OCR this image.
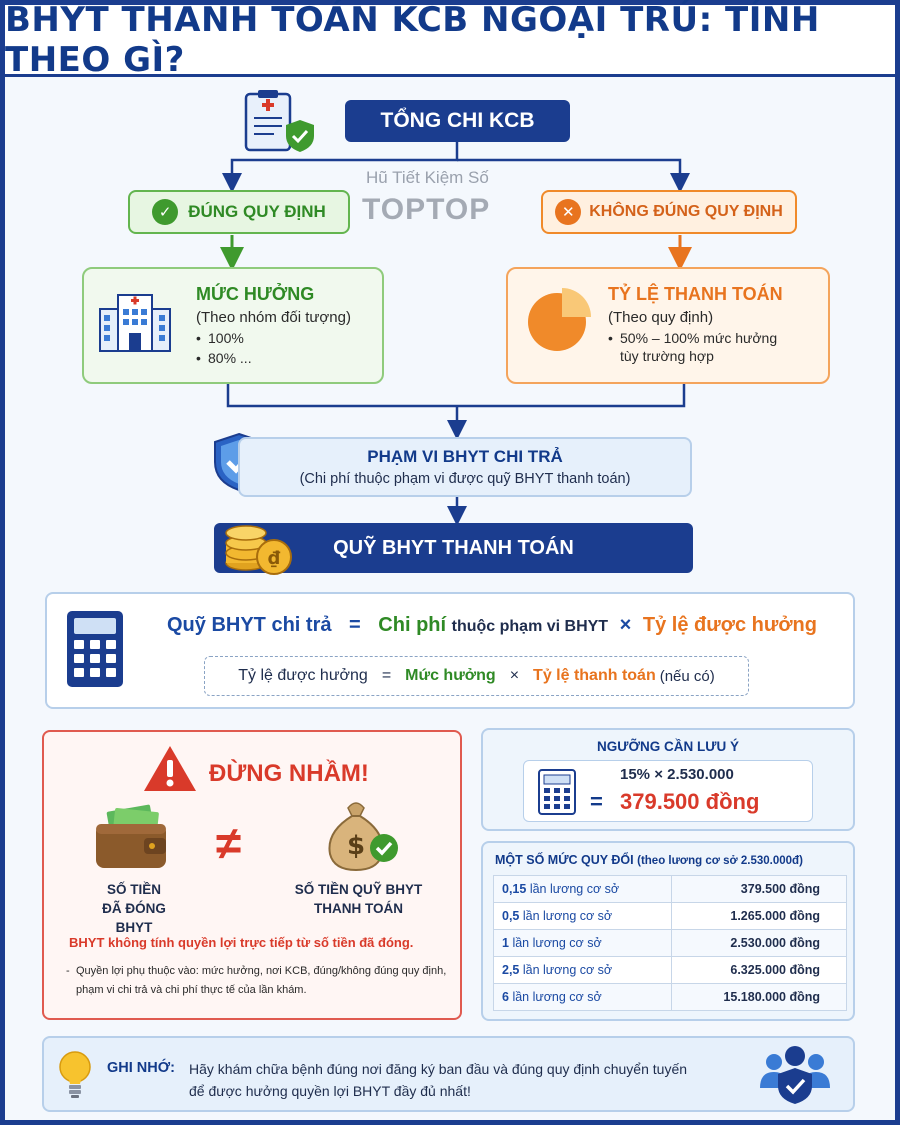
BHYT THANH TOÁN KCB NGOẠI TRÚ: TÍNH THEO GÌ?
TỔNG CHI KCB
Hũ Tiết Kiệm Số
TOPTOP
✓ ĐÚNG QUY ĐỊNH	✕ KHÔNG ĐÚNG QUY ĐỊNH
MỨC HƯỞNG
(Theo nhóm đối tượng)
• 100%
• 80% ...
TỶ LỆ THANH TOÁN
(Theo quy định)
• 50% – 100% mức hưởng
tùy trường hợp
PHẠM VI BHYT CHI TRẢ
(Chi phí thuộc phạm vi được quỹ BHYT thanh toán)
QUỸ BHYT THANH TOÁN
₫
Quỹ BHYT chi trả = Chi phí thuộc phạm vi BHYT × Tỷ lệ được hưởng
Tỷ lệ được hưởng = Mức hưởng × Tỷ lệ thanh toán (nếu có)
ĐỪNG NHẦM!
≠	$
SỐ TIỀN
ĐÃ ĐÓNG BHYT
SỐ TIỀN QUỸ BHYT
THANH TOÁN
BHYT không tính quyền lợi trực tiếp từ số tiền đã đóng.
- Quyền lợi phụ thuộc vào: mức hưởng, nơi KCB, đúng/không đúng quy định, phạm vi chi trả và chi phí thực tế của lần khám.
NGƯỠNG CẦN LƯU Ý
15% × 2.530.000
= 379.500 đồng
MỘT SỐ MỨC QUY ĐỔI (theo lương cơ sở 2.530.000đ)
0,15 lần lương cơ sở	379.500 đồng
0,5 lần lương cơ sở	1.265.000 đồng
1 lần lương cơ sở	2.530.000 đồng
2,5 lần lương cơ sở	6.325.000 đồng
6 lần lương cơ sở	15.180.000 đồng
GHI NHỚ: Hãy khám chữa bệnh đúng nơi đăng ký ban đầu và đúng quy định chuyển tuyến
để được hưởng quyền lợi BHYT đầy đủ nhất!
